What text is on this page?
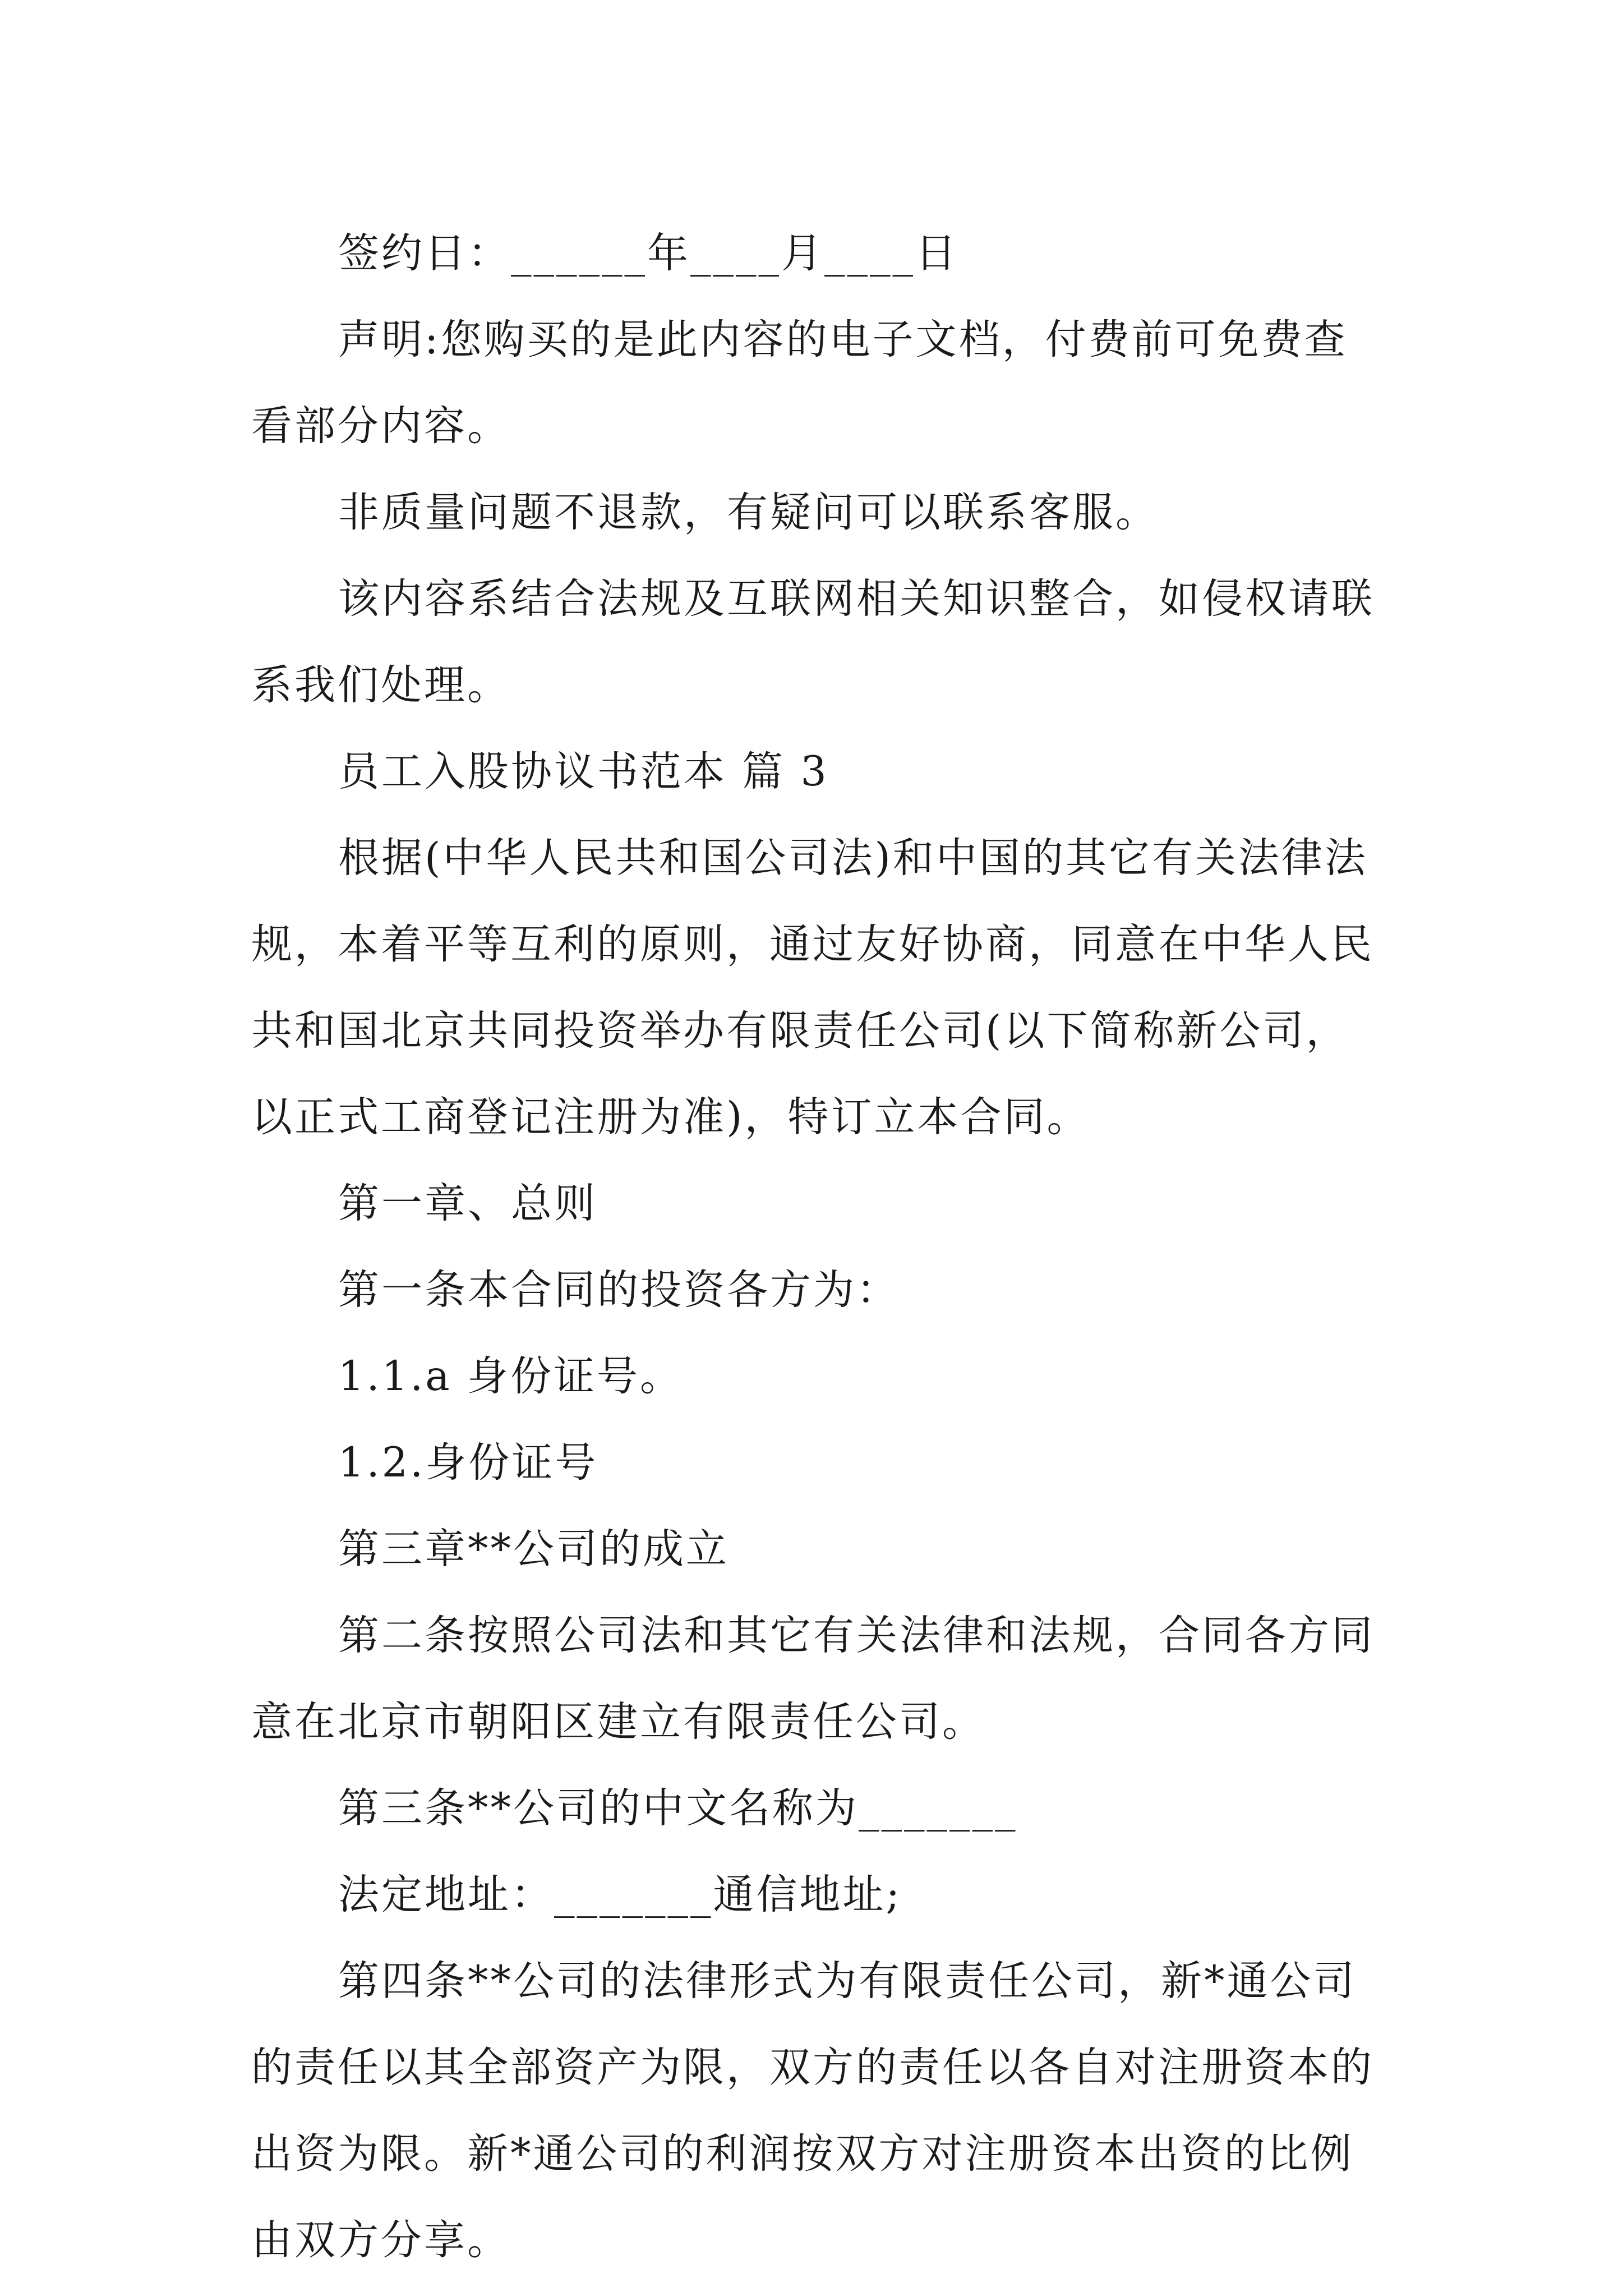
签约日：______年____月____日

声明:您购买的是此内容的电子文档，付费前可免费查
看部分内容。

非质量问题不退款，有疑问可以联系客服。

该内容系结合法规及互联网相关知识整合，如侵权请联
系我们处理。

员工入股协议书范本 篇 3

根据(中华人民共和国公司法)和中国的其它有关法律法
规，本着平等互利的原则，通过友好协商，同意在中华人民
共和国北京共同投资举办有限责任公司(以下简称新公司，
以正式工商登记注册为准)，特订立本合同。

第一章、总则

第一条本合同的投资各方为：

1.1.a 身份证号。

1.2.身份证号

第三章**公司的成立

第二条按照公司法和其它有关法律和法规，合同各方同
意在北京市朝阳区建立有限责任公司。

第三条**公司的中文名称为_______

法定地址：_______通信地址;

第四条**公司的法律形式为有限责任公司，新*通公司
的责任以其全部资产为限，双方的责任以各自对注册资本的
出资为限。新*通公司的利润按双方对注册资本出资的比例
由双方分享。
